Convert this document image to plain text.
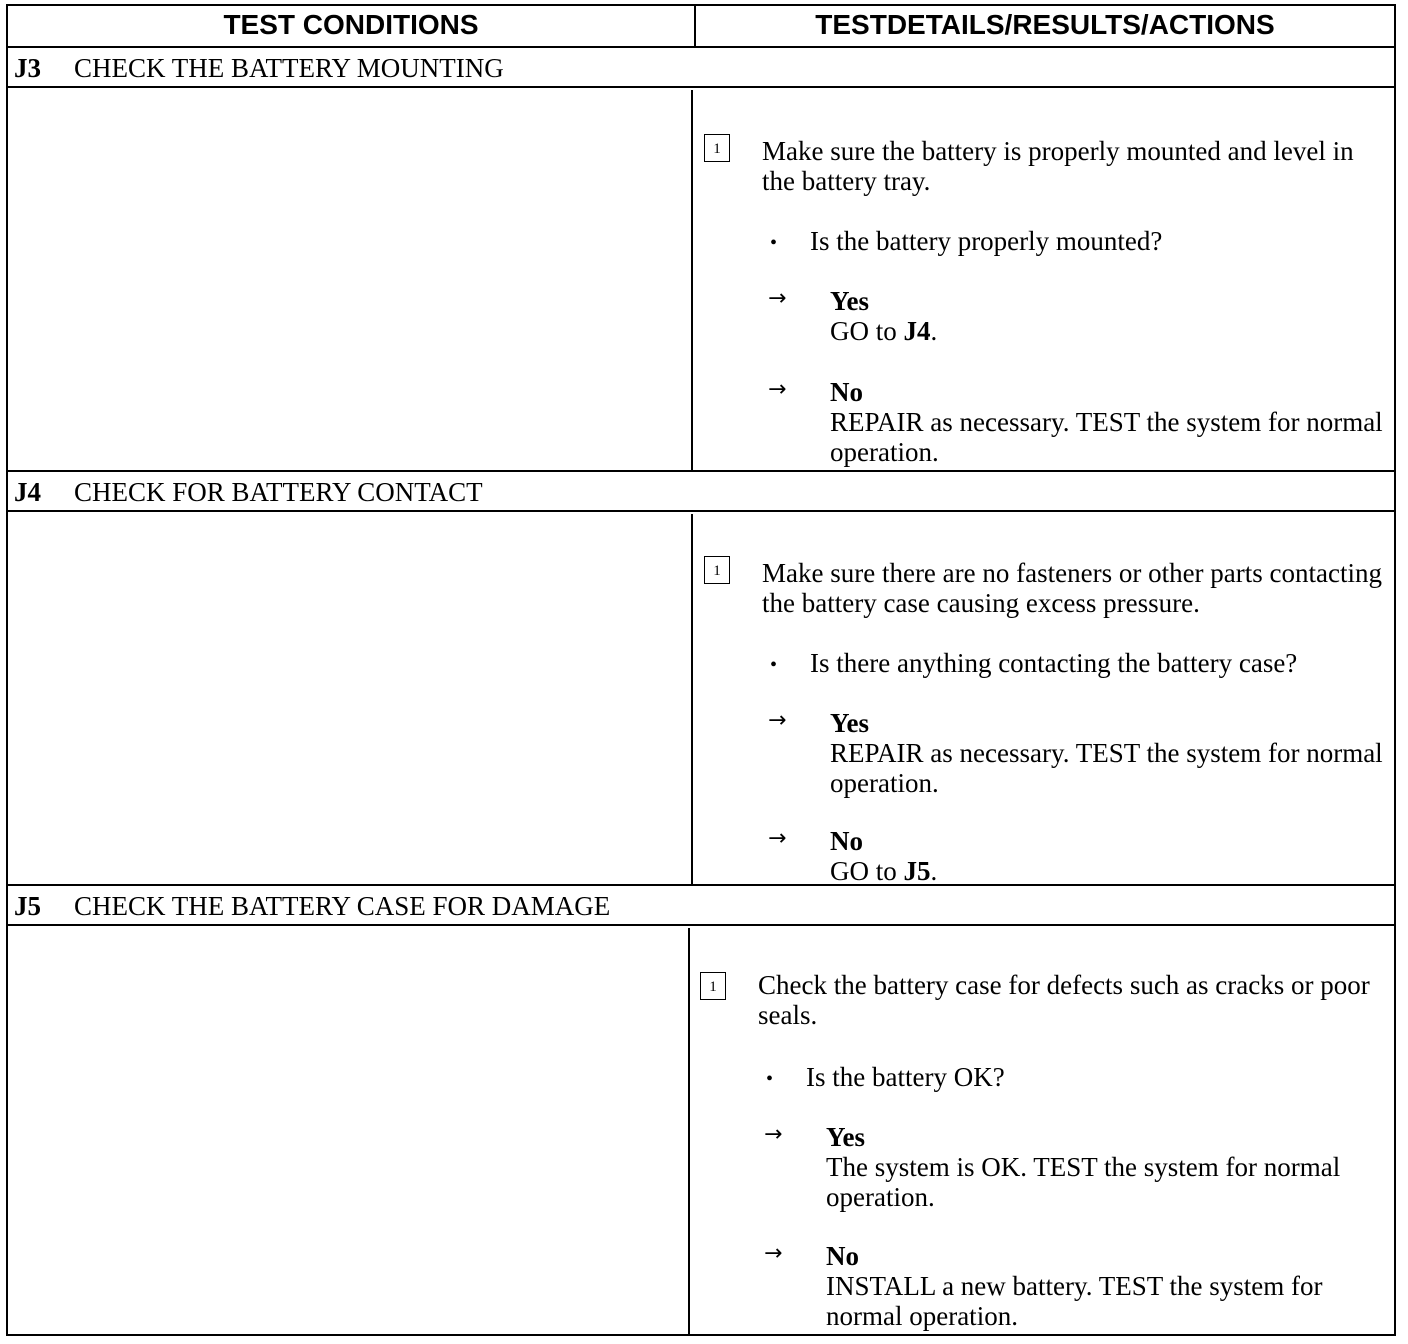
TEST CONDITIONS	TESTDETAILS/RESULTS/ACTIONS
J3 CHECK THE BATTERY MOUNTING
1	Make sure the battery is properly mounted and level in the battery tray.
• Is the battery properly mounted?
→ Yes
GO to J4.
→ No
REPAIR as necessary. TEST the system for normal operation.
J4 CHECK FOR BATTERY CONTACT
1	Make sure there are no fasteners or other parts contacting the battery case causing excess pressure.
• Is there anything contacting the battery case?
→ Yes
REPAIR as necessary. TEST the system for normal operation.
→ No
GO to J5.
J5 CHECK THE BATTERY CASE FOR DAMAGE
1	Check the battery case for defects such as cracks or poor seals.
• Is the battery OK?
→ Yes
The system is OK. TEST the system for normal operation.
→ No
INSTALL a new battery. TEST the system for normal operation.
